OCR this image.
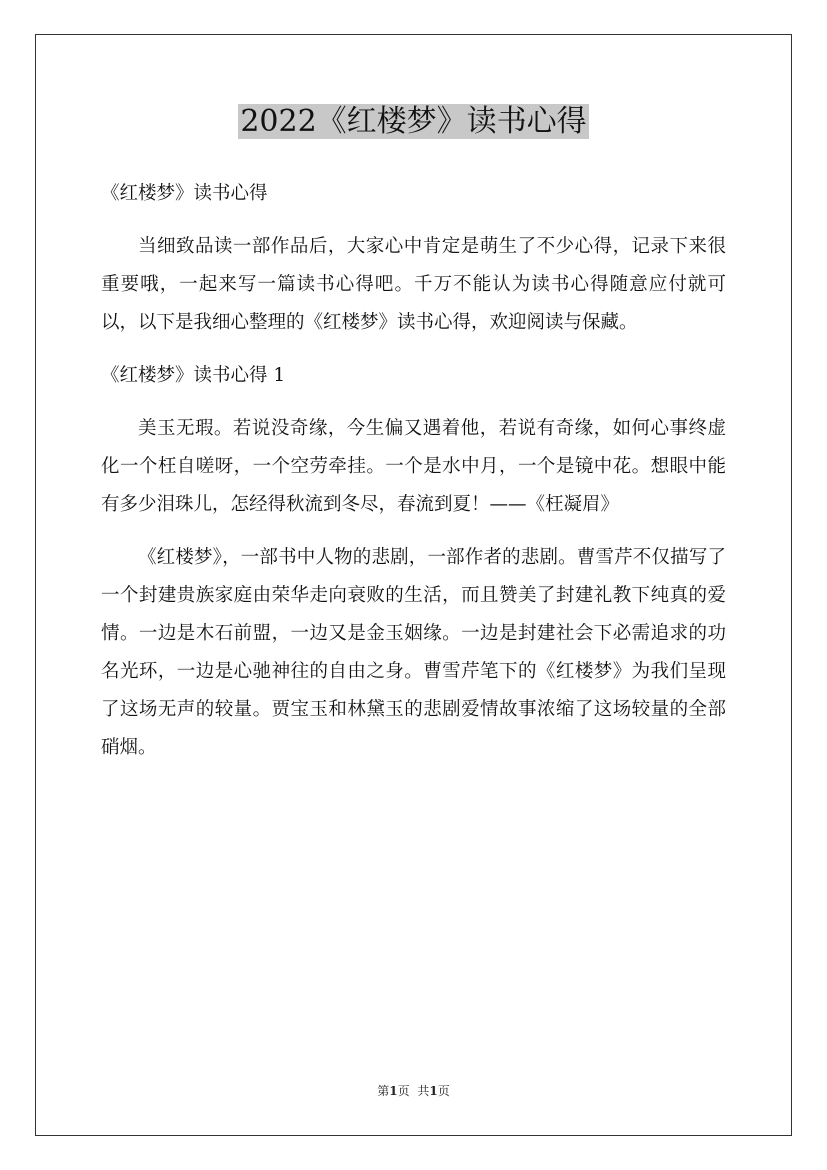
2022《红楼梦》读书心得

《红楼梦》读书心得

当细致品读一部作品后，大家心中肯定是萌生了不少心得，记录下来很重要哦，一起来写一篇读书心得吧。千万不能认为读书心得随意应付就可以，以下是我细心整理的《红楼梦》读书心得，欢迎阅读与保藏。

《红楼梦》读书心得 1

美玉无瑕。若说没奇缘，今生偏又遇着他，若说有奇缘，如何心事终虚化一个枉自嗟呀，一个空劳牵挂。一个是水中月，一个是镜中花。想眼中能有多少泪珠儿，怎经得秋流到冬尽，春流到夏！——《枉凝眉》

《红楼梦》，一部书中人物的悲剧，一部作者的悲剧。曹雪芹不仅描写了一个封建贵族家庭由荣华走向衰败的生活，而且赞美了封建礼教下纯真的爱情。一边是木石前盟，一边又是金玉姻缘。一边是封建社会下必需追求的功名光环，一边是心驰神往的自由之身。曹雪芹笔下的《红楼梦》为我们呈现了这场无声的较量。贾宝玉和林黛玉的悲剧爱情故事浓缩了这场较量的全部硝烟。

第1页 共1页
